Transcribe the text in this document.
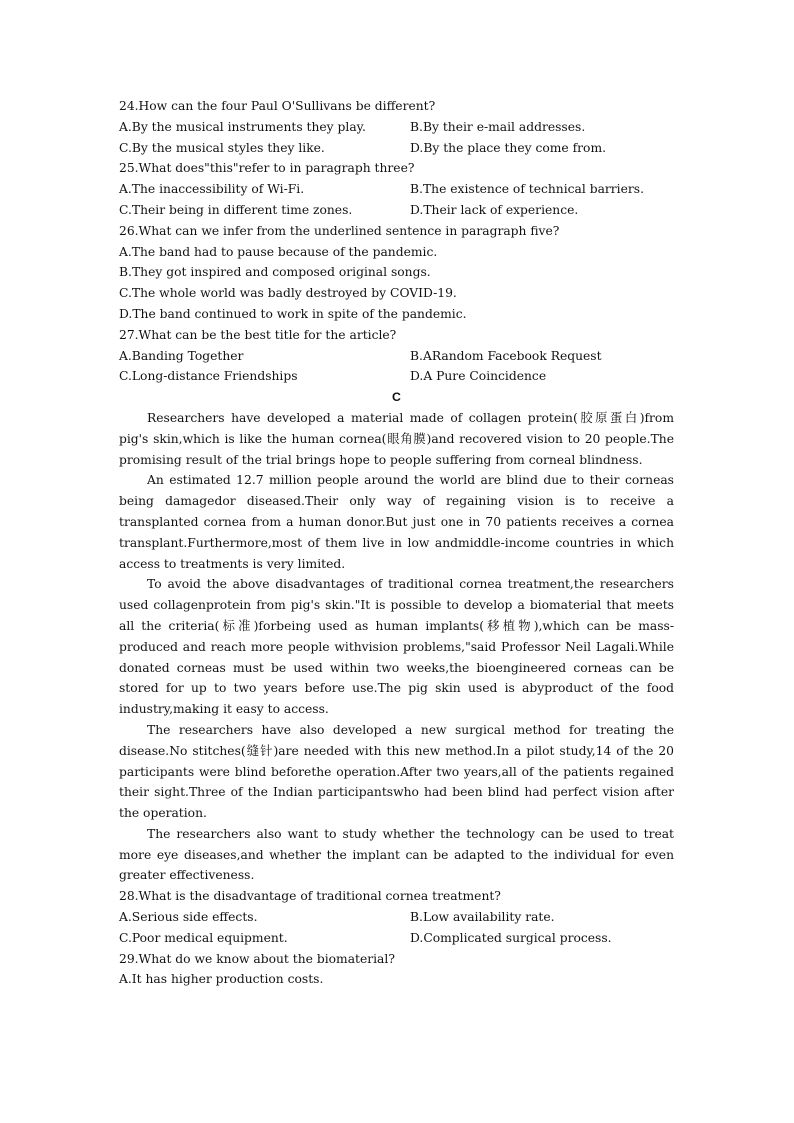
24.How can the four Paul O'Sullivans be different?
A.By the musical instruments they play.	B.By their e-mail addresses.
C.By the musical styles they like.	D.By the place they come from.
25.What does"this"refer to in paragraph three?
A.The inaccessibility of Wi-Fi.	B.The existence of technical barriers.
C.Their being in different time zones.	D.Their lack of experience.
26.What can we infer from the underlined sentence in paragraph five?
A.The band had to pause because of the pandemic.
B.They got inspired and composed original songs.
C.The whole world was badly destroyed by COVID-19.
D.The band continued to work in spite of the pandemic.
27.What can be the best title for the article?
A.Banding Together	B.ARandom Facebook Request
C.Long-distance Friendships	D.A Pure Coincidence
C
Researchers have developed a material made of collagen protein(胶原蛋白)from pig's skin,which is like the human cornea(眼角膜)and recovered vision to 20 people.The promising result of the trial brings hope to people suffering from corneal blindness.
An estimated 12.7 million people around the world are blind due to their corneas being damagedor diseased.Their only way of regaining vision is to receive a transplanted cornea from a human donor.But just one in 70 patients receives a cornea transplant.Furthermore,most of them live in low andmiddle-income countries in which access to treatments is very limited.
To avoid the above disadvantages of traditional cornea treatment,the researchers used collagenprotein from pig's skin."It is possible to develop a biomaterial that meets all the criteria(标准)forbeing used as human implants(移植物),which can be mass-produced and reach more people withvision problems,"said Professor Neil Lagali.While donated corneas must be used within two weeks,the bioengineered corneas can be stored for up to two years before use.The pig skin used is abyproduct of the food industry,making it easy to access.
The researchers have also developed a new surgical method for treating the disease.No stitches(缝针)are needed with this new method.In a pilot study,14 of the 20 participants were blind beforethe operation.After two years,all of the patients regained their sight.Three of the Indian participantswho had been blind had perfect vision after the operation.
The researchers also want to study whether the technology can be used to treat more eye diseases,and whether the implant can be adapted to the individual for even greater effectiveness.
28.What is the disadvantage of traditional cornea treatment?
A.Serious side effects.	B.Low availability rate.
C.Poor medical equipment.	D.Complicated surgical process.
29.What do we know about the biomaterial?
A.It has higher production costs.
